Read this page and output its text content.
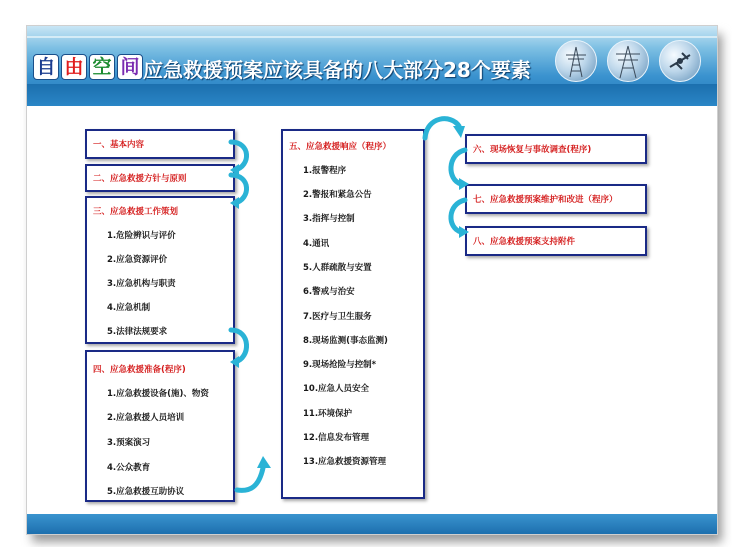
自 由 空 间 应急救援预案应该具备的八大部分28个要素
一、基本内容
二、应急救援方针与原则
三、应急救援工作策划
1.危险辨识与评价
2.应急资源评价
3.应急机构与职责
4.应急机制
5.法律法规要求
四、应急救援准备(程序)
1.应急救援设备(施)、物资
2.应急救援人员培训
3.预案演习
4.公众教育
5.应急救援互助协议
五、应急救援响应（程序）
1.报警程序
2.警报和紧急公告
3.指挥与控制
4.通讯
5.人群疏散与安置
6.警戒与治安
7.医疗与卫生服务
8.现场监测(事态监测)
9.现场抢险与控制*
10.应急人员安全
11.环境保护
12.信息发布管理
13.应急救援资源管理
六、现场恢复与事故调查(程序)
七、应急救援预案维护和改进（程序）
八、应急救援预案支持附件
